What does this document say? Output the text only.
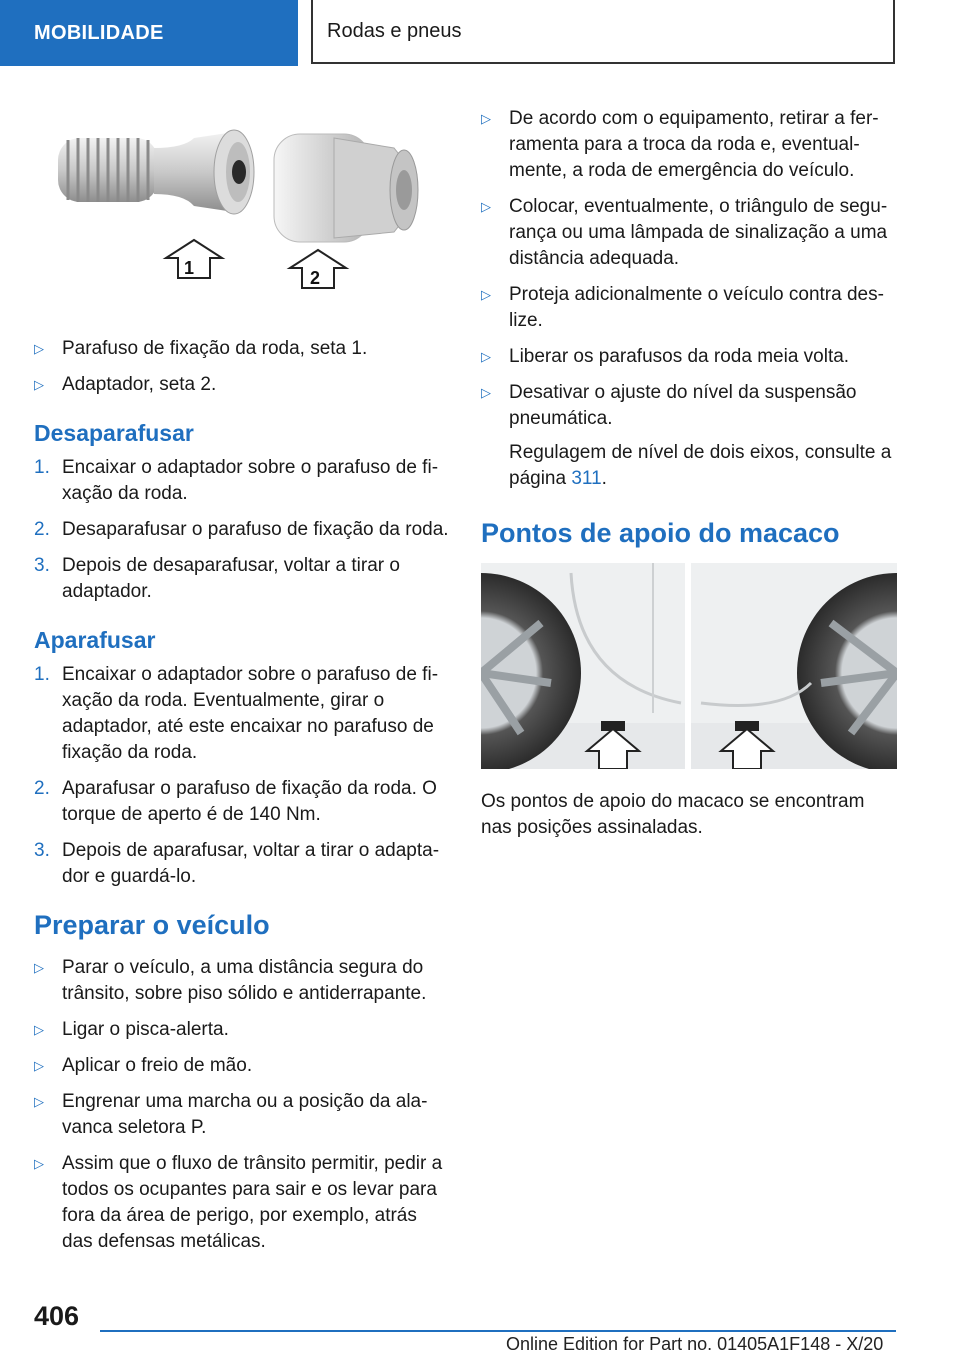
MOBILIDADE	Rodas e pneus
1	2
▷ Parafuso de fixação da roda, seta 1.
▷ Adaptador, seta 2.
Desaparafusar
1. Encaixar o adaptador sobre o parafuso de fixação da roda.
2. Desaparafusar o parafuso de fixação da roda.
3. Depois de desaparafusar, voltar a tirar o adaptador.
Aparafusar
1. Encaixar o adaptador sobre o parafuso de fixação da roda. Eventualmente, girar o adaptador, até este encaixar no parafuso de fixação da roda.
2. Aparafusar o parafuso de fixação da roda. O torque de aperto é de 140 Nm.
3. Depois de aparafusar, voltar a tirar o adaptador e guardá-lo.
Preparar o veículo
▷ Parar o veículo, a uma distância segura do trânsito, sobre piso sólido e antiderrapante.
▷ Ligar o pisca-alerta.
▷ Aplicar o freio de mão.
▷ Engrenar uma marcha ou a posição da alavanca seletora P.
▷ Assim que o fluxo de trânsito permitir, pedir a todos os ocupantes para sair e os levar para fora da área de perigo, por exemplo, atrás das defensas metálicas.
▷ De acordo com o equipamento, retirar a ferramenta para a troca da roda e, eventualmente, a roda de emergência do veículo.
▷ Colocar, eventualmente, o triângulo de segurança ou uma lâmpada de sinalização a uma distância adequada.
▷ Proteja adicionalmente o veículo contra deslize.
▷ Liberar os parafusos da roda meia volta.
▷ Desativar o ajuste do nível da suspensão pneumática.
Regulagem de nível de dois eixos, consulte a página 311.
Pontos de apoio do macaco
Os pontos de apoio do macaco se encontram nas posições assinaladas.
406
Online Edition for Part no. 01405A1F148 - X/20
